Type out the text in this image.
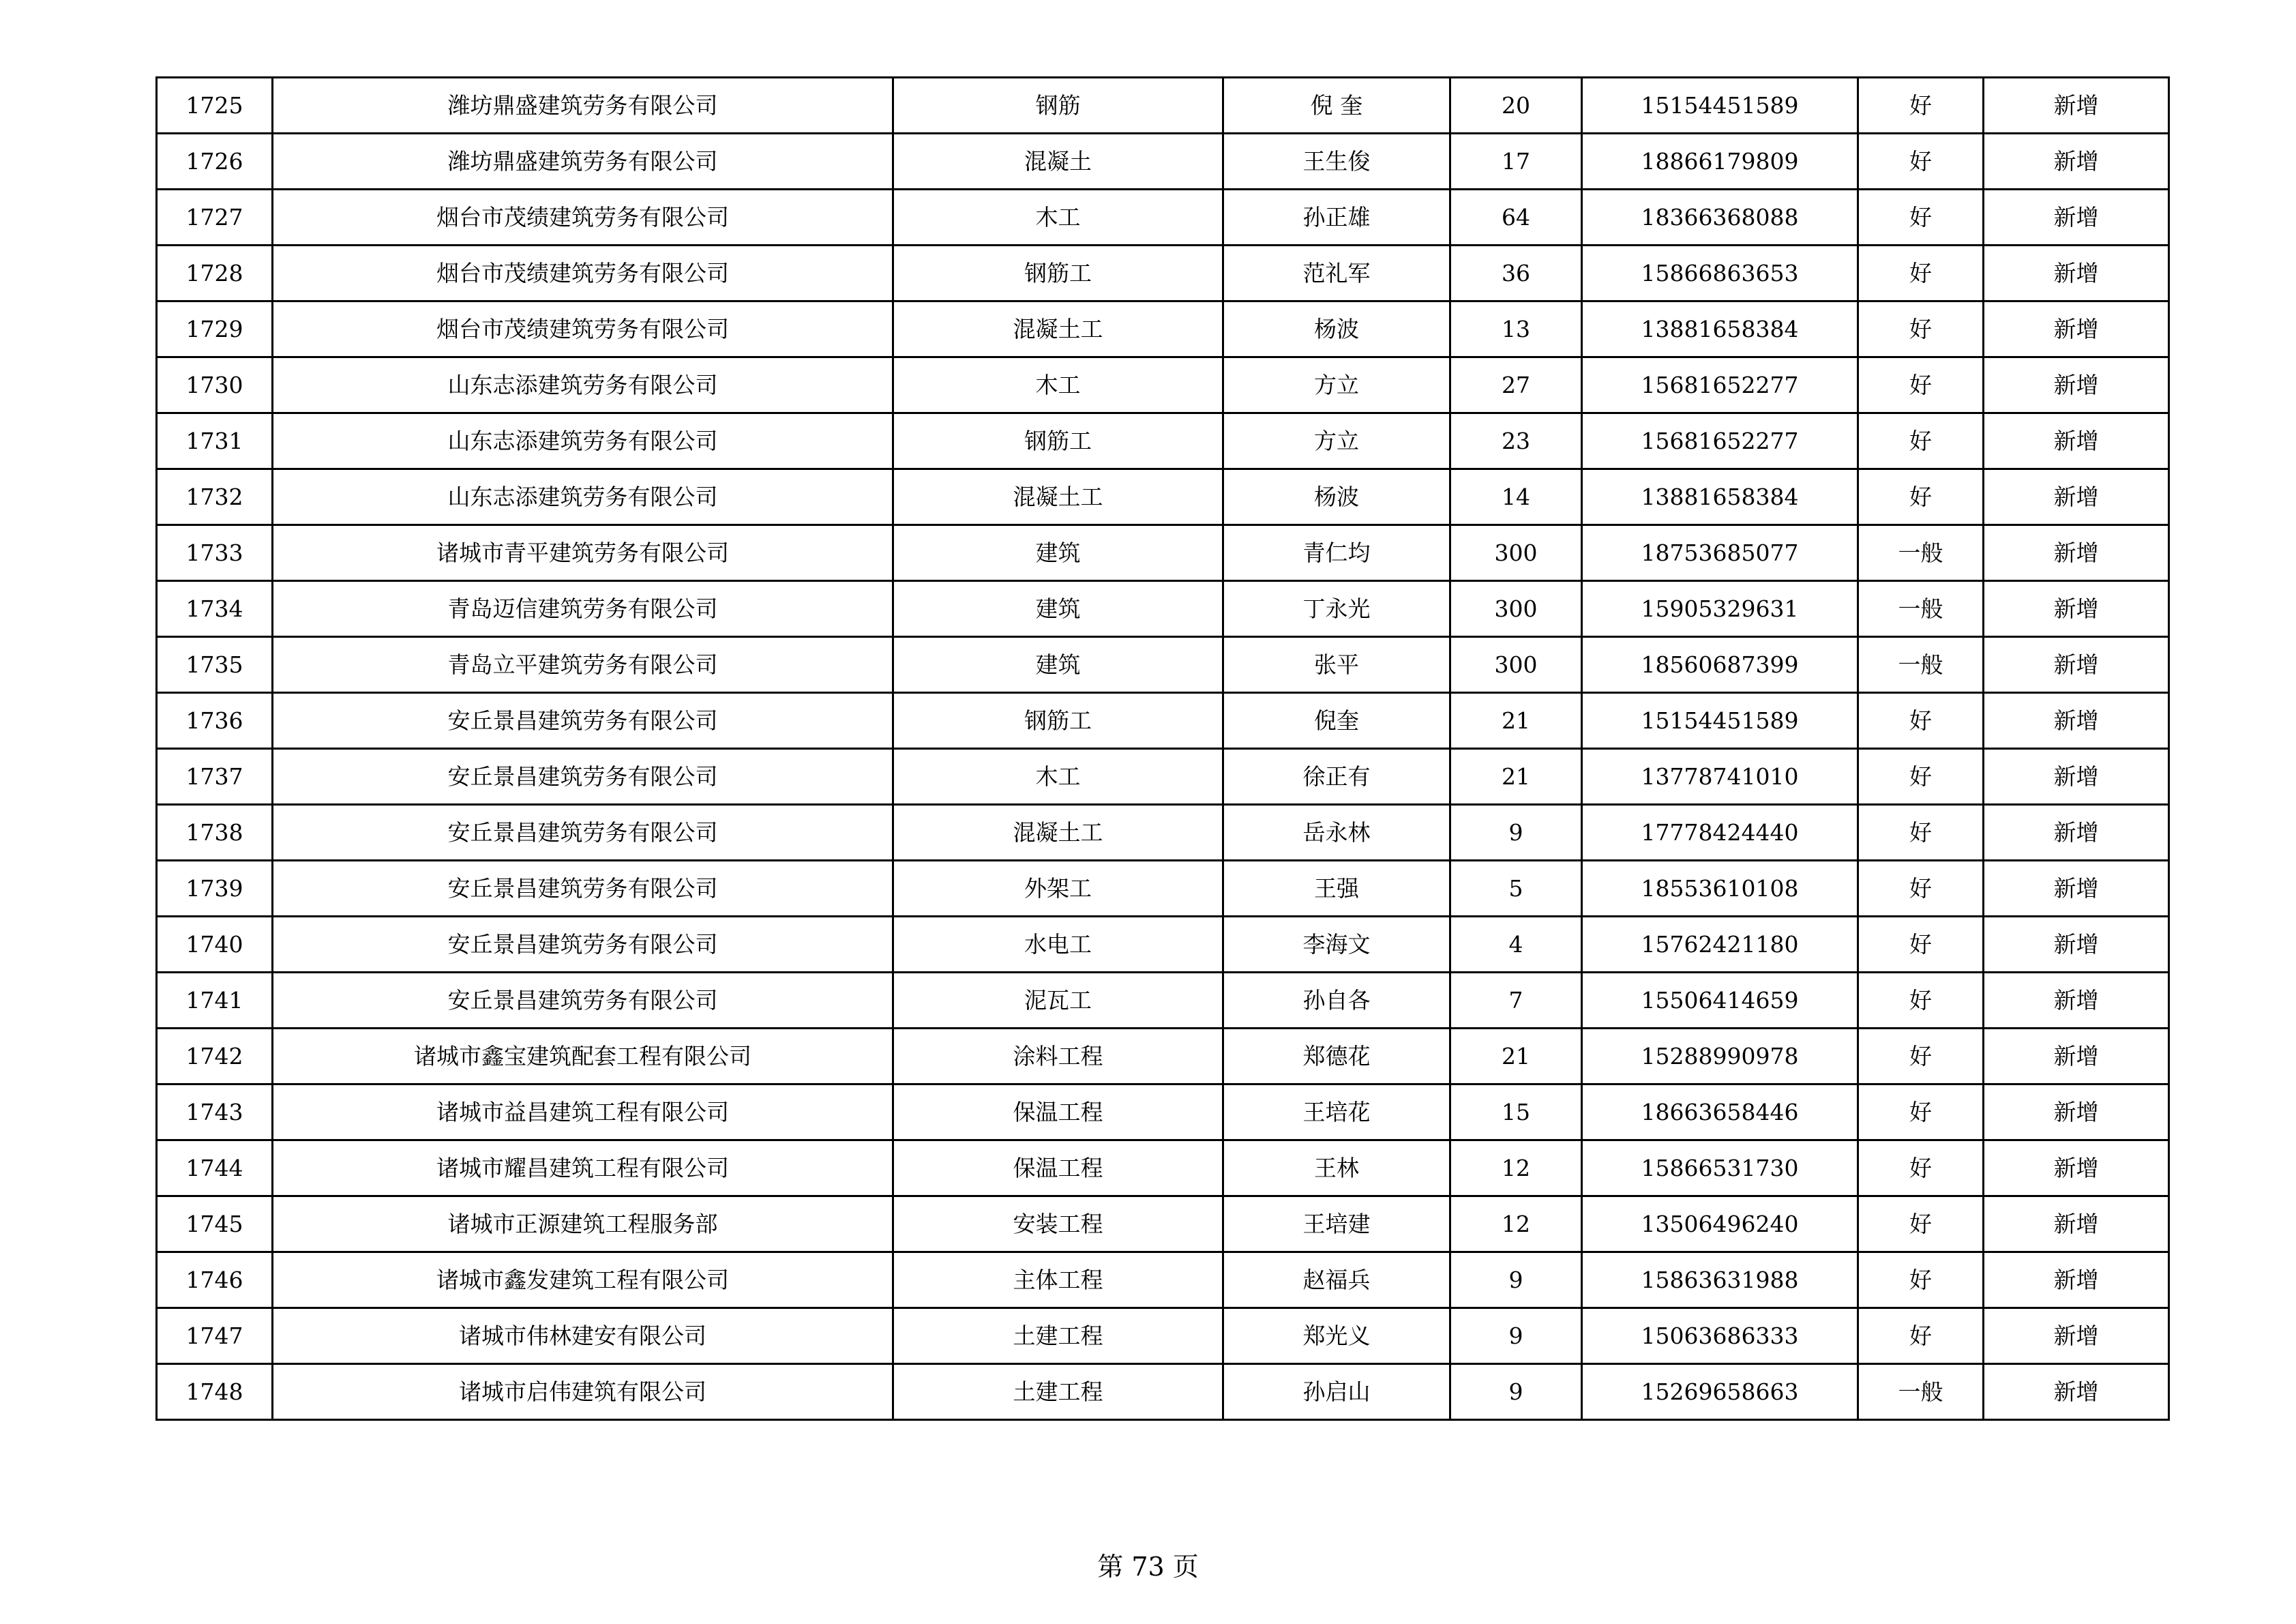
1725	潍坊鼎盛建筑劳务有限公司	钢筋	倪 奎	20	15154451589	好	新增
1726	潍坊鼎盛建筑劳务有限公司	混凝土	王生俊	17	18866179809	好	新增
1727	烟台市茂绩建筑劳务有限公司	木工	孙正雄	64	18366368088	好	新增
1728	烟台市茂绩建筑劳务有限公司	钢筋工	范礼军	36	15866863653	好	新增
1729	烟台市茂绩建筑劳务有限公司	混凝土工	杨波	13	13881658384	好	新增
1730	山东志添建筑劳务有限公司	木工	方立	27	15681652277	好	新增
1731	山东志添建筑劳务有限公司	钢筋工	方立	23	15681652277	好	新增
1732	山东志添建筑劳务有限公司	混凝土工	杨波	14	13881658384	好	新增
1733	诸城市青平建筑劳务有限公司	建筑	青仁均	300	18753685077	一般	新增
1734	青岛迈信建筑劳务有限公司	建筑	丁永光	300	15905329631	一般	新增
1735	青岛立平建筑劳务有限公司	建筑	张平	300	18560687399	一般	新增
1736	安丘景昌建筑劳务有限公司	钢筋工	倪奎	21	15154451589	好	新增
1737	安丘景昌建筑劳务有限公司	木工	徐正有	21	13778741010	好	新增
1738	安丘景昌建筑劳务有限公司	混凝土工	岳永林	9	17778424440	好	新增
1739	安丘景昌建筑劳务有限公司	外架工	王强	5	18553610108	好	新增
1740	安丘景昌建筑劳务有限公司	水电工	李海文	4	15762421180	好	新增
1741	安丘景昌建筑劳务有限公司	泥瓦工	孙自各	7	15506414659	好	新增
1742	诸城市鑫宝建筑配套工程有限公司	涂料工程	郑德花	21	15288990978	好	新增
1743	诸城市益昌建筑工程有限公司	保温工程	王培花	15	18663658446	好	新增
1744	诸城市耀昌建筑工程有限公司	保温工程	王林	12	15866531730	好	新增
1745	诸城市正源建筑工程服务部	安装工程	王培建	12	13506496240	好	新增
1746	诸城市鑫发建筑工程有限公司	主体工程	赵福兵	9	15863631988	好	新增
1747	诸城市伟林建安有限公司	土建工程	郑光义	9	15063686333	好	新增
1748	诸城市启伟建筑有限公司	土建工程	孙启山	9	15269658663	一般	新增
第 73 页
